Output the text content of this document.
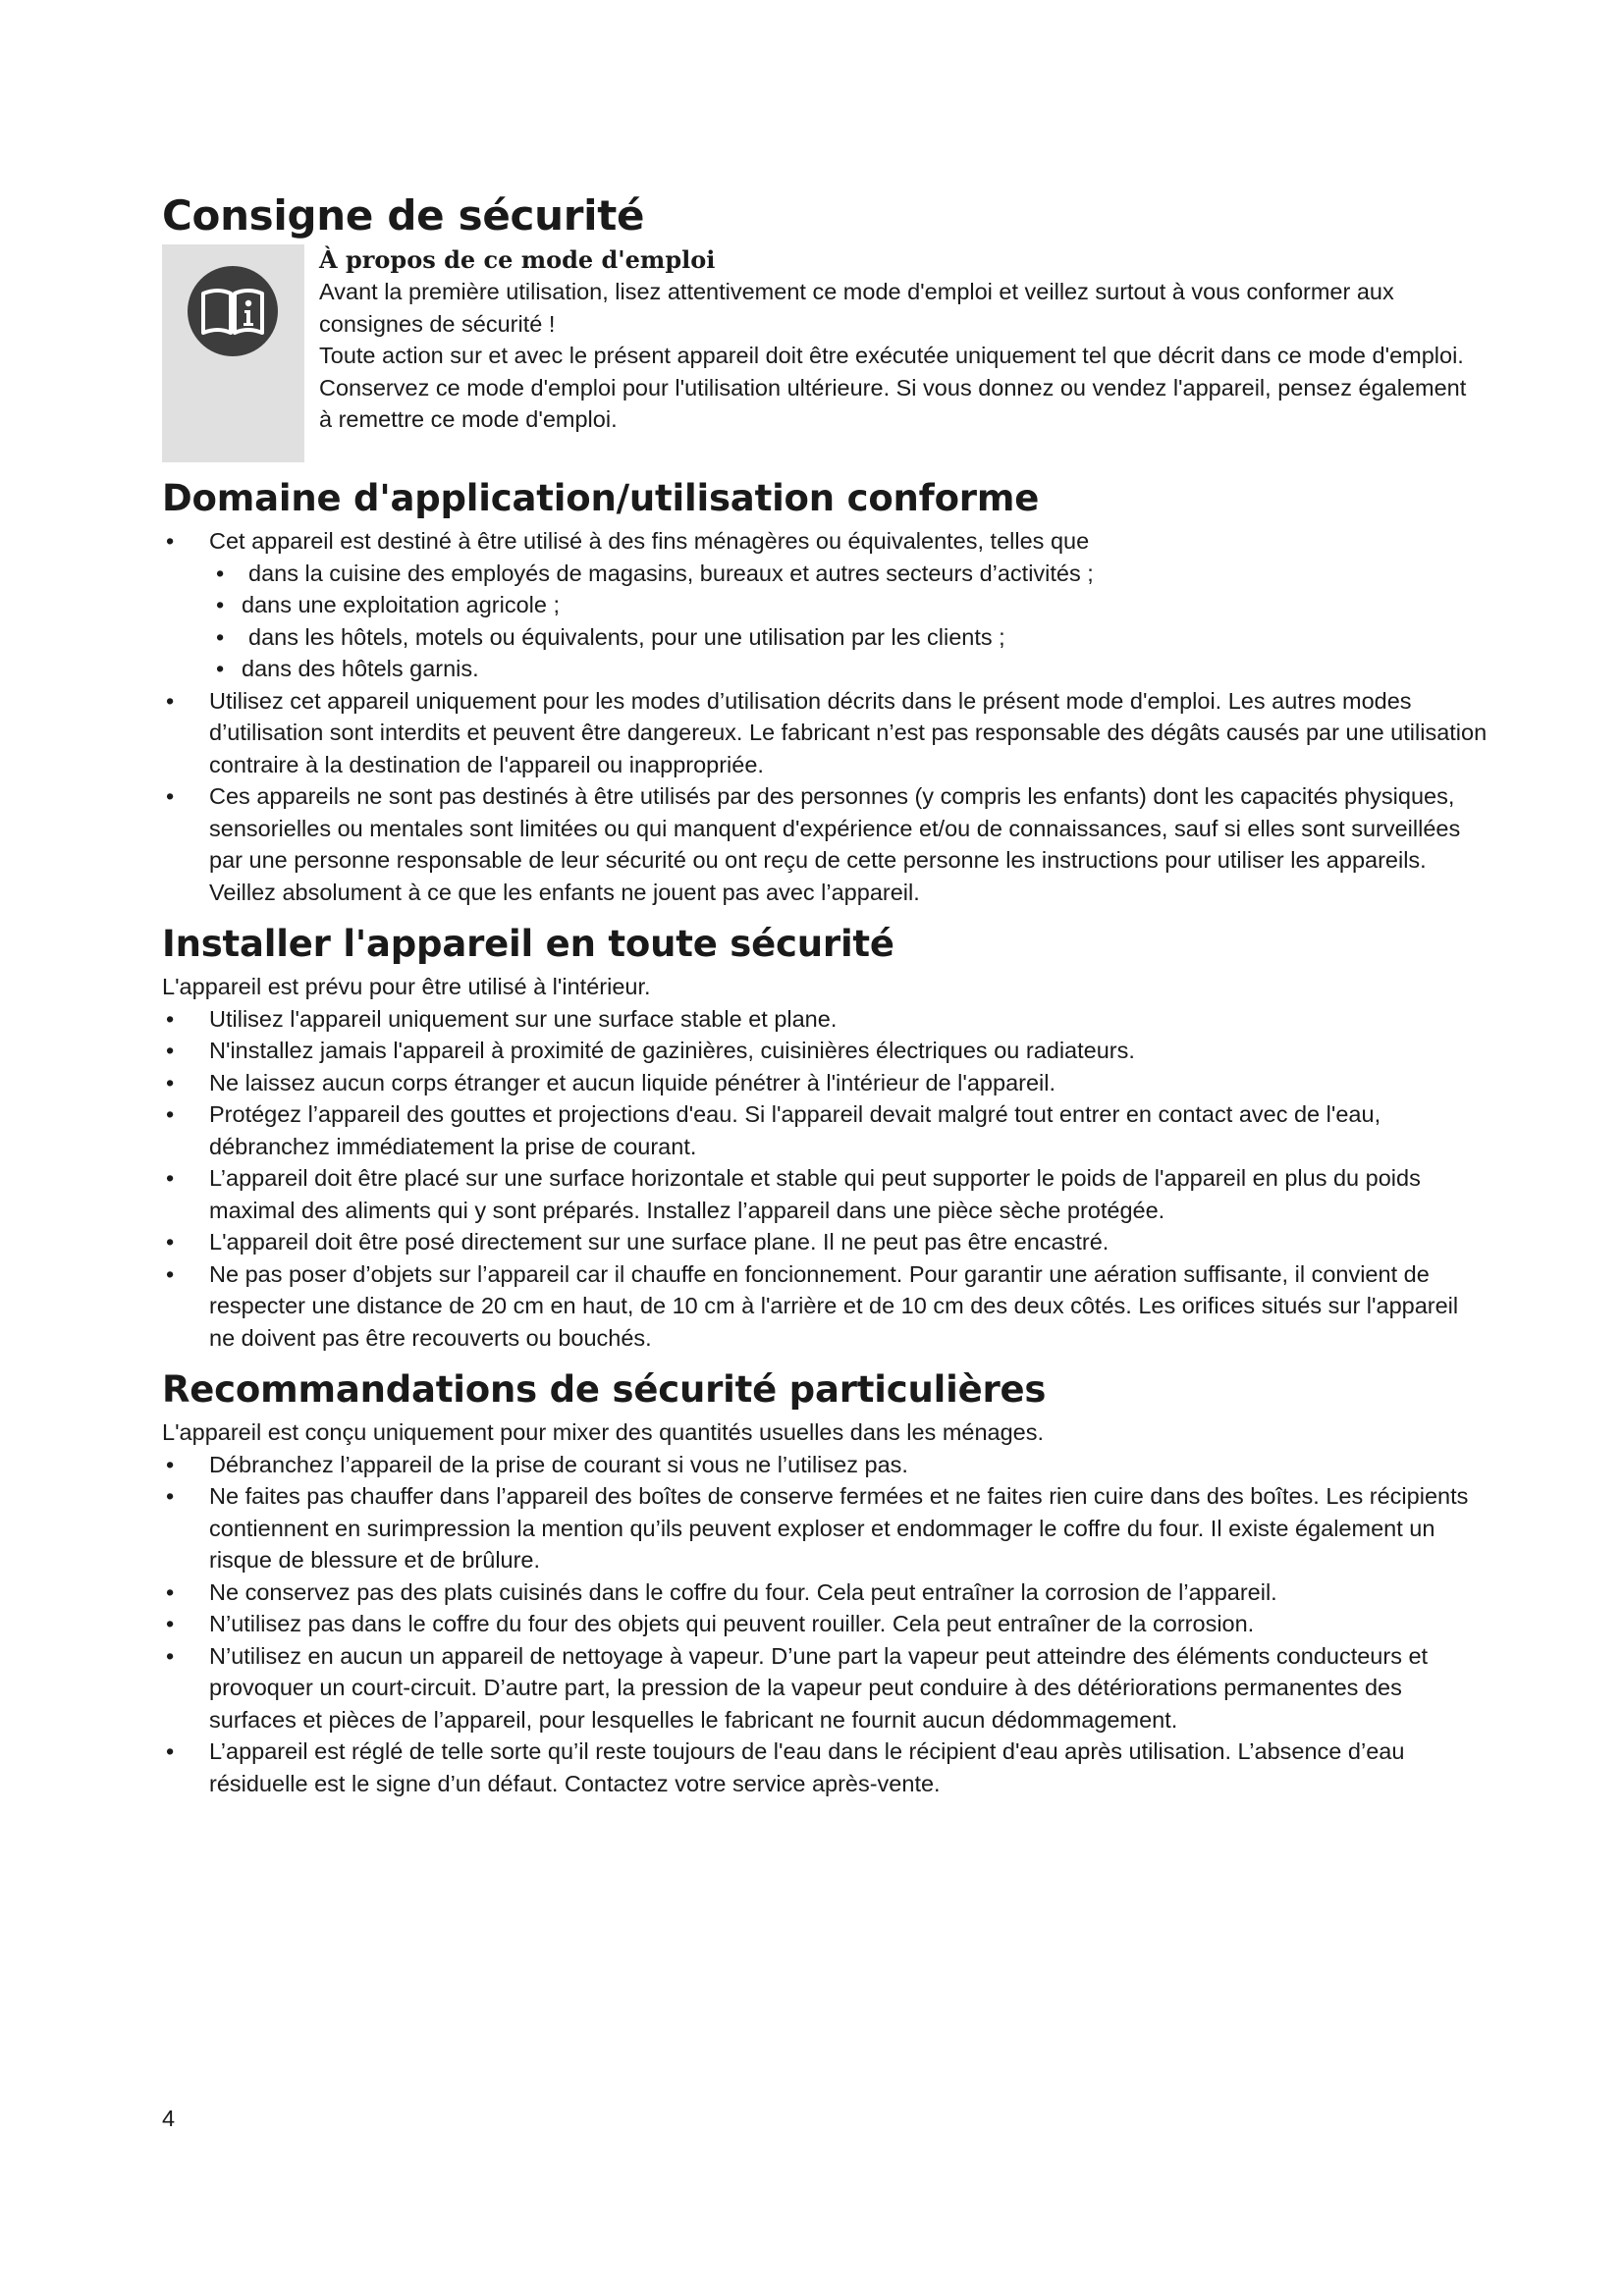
Consigne de sécurité
À propos de ce mode d'emploi

Avant la première utilisation, lisez attentivement ce mode d'emploi et veillez surtout à vous conformer aux consignes de sécurité !

Toute action sur et avec le présent appareil doit être exécutée uniquement tel que décrit dans ce mode d'emploi.

Conservez ce mode d'emploi pour l'utilisation ultérieure. Si vous donnez ou vendez l'appareil, pensez également à remettre ce mode d'emploi.

Domaine d'application/utilisation conforme
• Cet appareil est destiné à être utilisé à des fins ménagères ou équivalentes, telles que
• dans la cuisine des employés de magasins, bureaux et autres secteurs d’activités ;
• dans une exploitation agricole ;
• dans les hôtels, motels ou équivalents, pour une utilisation par les clients ;
• dans des hôtels garnis.
• Utilisez cet appareil uniquement pour les modes d’utilisation décrits dans le présent mode d'emploi. Les autres modes d’utilisation sont interdits et peuvent être dangereux. Le fabricant n’est pas responsable des dégâts causés par une utilisation contraire à la destination de l'appareil ou inappropriée.
• Ces appareils ne sont pas destinés à être utilisés par des personnes (y compris les enfants) dont les capacités physiques, sensorielles ou mentales sont limitées ou qui manquent d'expérience et/ou de connaissances, sauf si elles sont surveillées par une personne responsable de leur sécurité ou ont reçu de cette personne les instructions pour utiliser les appareils. Veillez absolument à ce que les enfants ne jouent pas avec l’appareil.
Installer l'appareil en toute sécurité

L'appareil est prévu pour être utilisé à l'intérieur.

• Utilisez l'appareil uniquement sur une surface stable et plane.
• N'installez jamais l'appareil à proximité de gazinières, cuisinières électriques ou radiateurs.
• Ne laissez aucun corps étranger et aucun liquide pénétrer à l'intérieur de l'appareil.
• Protégez l’appareil des gouttes et projections d'eau. Si l'appareil devait malgré tout entrer en contact avec de l'eau, débranchez immédiatement la prise de courant.
• L’appareil doit être placé sur une surface horizontale et stable qui peut supporter le poids de l'appareil en plus du poids maximal des aliments qui y sont préparés. Installez l’appareil dans une pièce sèche protégée.
• L'appareil doit être posé directement sur une surface plane. Il ne peut pas être encastré.
• Ne pas poser d’objets sur l’appareil car il chauffe en foncionnement. Pour garantir une aération suffisante, il convient de respecter une distance de 20 cm en haut, de 10 cm à l'arrière et de 10 cm des deux côtés. Les orifices situés sur l'appareil ne doivent pas être recouverts ou bouchés.
Recommandations de sécurité particulières

L'appareil est conçu uniquement pour mixer des quantités usuelles dans les ménages.

• Débranchez l’appareil de la prise de courant si vous ne l’utilisez pas.
• Ne faites pas chauffer dans l’appareil des boîtes de conserve fermées et ne faites rien cuire dans des boîtes. Les récipients contiennent en surimpression la mention qu’ils peuvent exploser et endommager le coffre du four. Il existe également un risque de blessure et de brûlure.
• Ne conservez pas des plats cuisinés dans le coffre du four. Cela peut entraîner la corrosion de l’appareil.
• N’utilisez pas dans le coffre du four des objets qui peuvent rouiller. Cela peut entraîner de la corrosion.
• N’utilisez en aucun un appareil de nettoyage à vapeur. D’une part la vapeur peut atteindre des éléments conducteurs et provoquer un court-circuit. D’autre part, la pression de la vapeur peut conduire à des détériorations permanentes des surfaces et pièces de l’appareil, pour lesquelles le fabricant ne fournit aucun dédommagement.
• L’appareil est réglé de telle sorte qu’il reste toujours de l'eau dans le récipient d'eau après utilisation. L’absence d’eau résiduelle est le signe d’un défaut. Contactez votre service après-vente.
4
